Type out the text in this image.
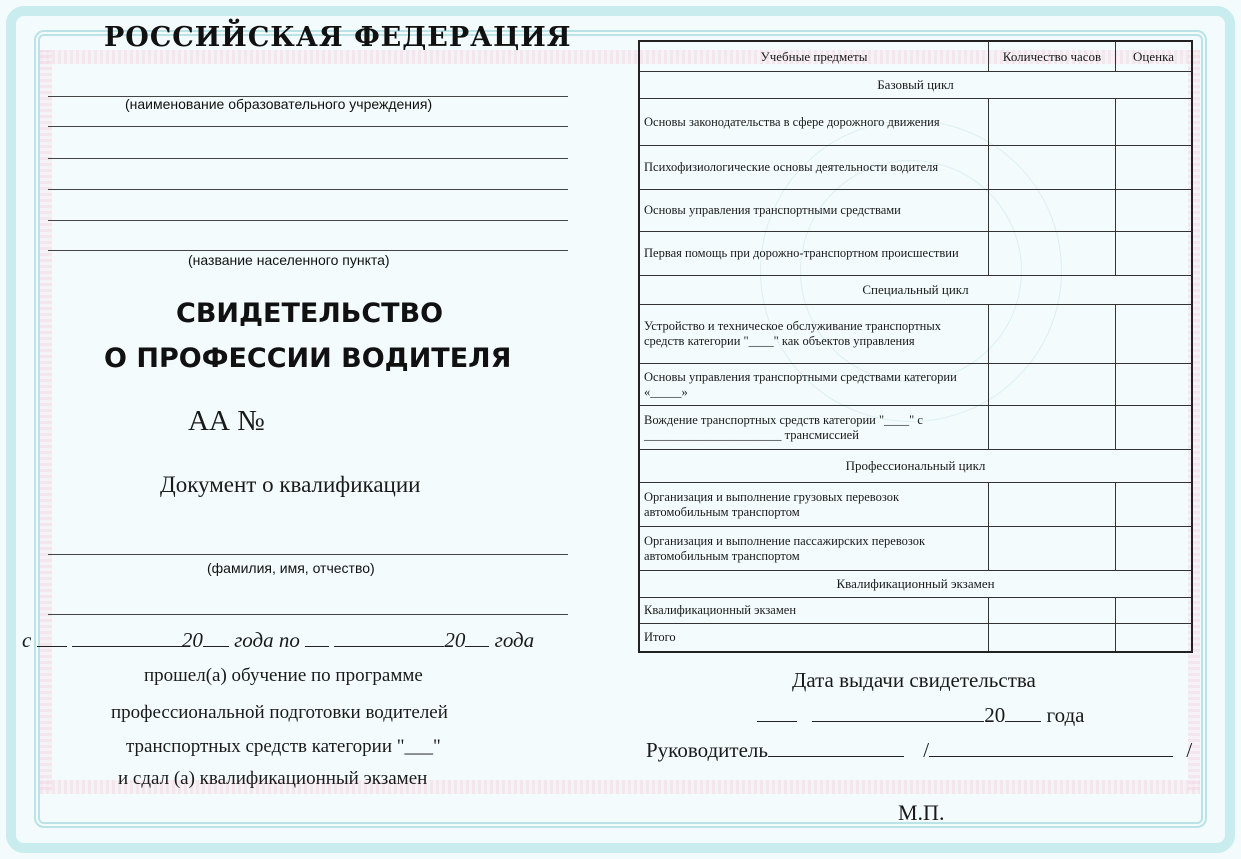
РОССИЙСКАЯ ФЕДЕРАЦИЯ
(наименование образовательного учреждения)
(название населенного пункта)
СВИДЕТЕЛЬСТВО
О ПРОФЕССИИ ВОДИТЕЛЯ
АА №
Документ о квалификации
(фамилия, имя, отчество)
с	20 года по	20 года
прошел(а) обучение по программе
профессиональной подготовки водителей
транспортных средств категории "___"
и сдал (а) квалификационный экзамен
Учебные предметы	Количество часов	Оценка
Базовый цикл		
Основы законодательства в сфере дорожного движения		
Психофизиологические основы деятельности водителя		
Основы управления транспортными средствами		
Первая помощь при дорожно-транспортном происшествии		
Специальный цикл		
Устройство и техническое обслуживание транспортных средств категории "____" как объектов управления		
Основы управления транспортными средствами категории «_____»		
Вождение транспортных средств категории "____" с ______________________ трансмиссией		
Профессиональный цикл		
Организация и выполнение грузовых перевозок автомобильным транспортом		
Организация и выполнение пассажирских перевозок автомобильным транспортом		
Квалификационный экзамен		
Квалификационный экзамен		
Итого		
Дата выдачи свидетельства
20 года
Руководитель	/	/
М.П.
